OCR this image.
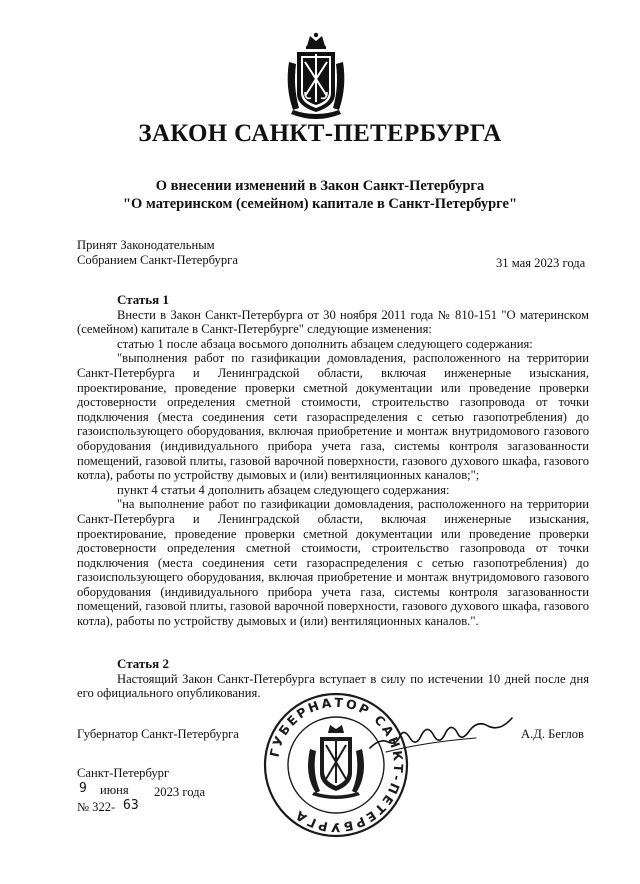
ЗАКОН САНКТ-ПЕТЕРБУРГА
О внесении изменений в Закон Санкт-Петербурга
"О материнском (семейном) капитале в Санкт-Петербурге"
Принят Законодательным
Собранием Санкт-Петербурга	31 мая 2023 года

Статья 1

Внести в Закон Санкт-Петербурга от 30 ноября 2011 года № 810-151 "О материнском (семейном) капитале в Санкт-Петербурге" следующие изменения:

статью 1 после абзаца восьмого дополнить абзацем следующего содержания:

"выполнения работ по газификации домовладения, расположенного на территории Санкт-Петербурга и Ленинградской области, включая инженерные изыскания, проектирование, проведение проверки сметной документации или проведение проверки достоверности определения сметной стоимости, строительство газопровода от точки подключения (места соединения сети газораспределения с сетью газопотребления) до газоиспользующего оборудования, включая приобретение и монтаж внутридомового газового оборудования (индивидуального прибора учета газа, системы контроля загазованности помещений, газовой плиты, газовой варочной поверхности, газового духового шкафа, газового котла), работы по устройству дымовых и (или) вентиляционных каналов;";

пункт 4 статьи 4 дополнить абзацем следующего содержания:

"на выполнение работ по газификации домовладения, расположенного на территории Санкт-Петербурга и Ленинградской области, включая инженерные изыскания, проектирование, проведение проверки сметной документации или проведение проверки достоверности определения сметной стоимости, строительство газопровода от точки подключения (места соединения сети газораспределения с сетью газопотребления) до газоиспользующего оборудования, включая приобретение и монтаж внутридомового газового оборудования (индивидуального прибора учета газа, системы контроля загазованности помещений, газовой плиты, газовой варочной поверхности, газового духового шкафа, газового котла), работы по устройству дымовых и (или) вентиляционных каналов.".

Статья 2

Настоящий Закон Санкт-Петербурга вступает в силу по истечении 10 дней после дня его официального опубликования.

Губернатор Санкт-Петербурга	А.Д. Беглов
ГУБЕРНАТОР САНКТ-ПЕТЕРБУРГА
Санкт-Петербург
9 июня 2023 года
№ 322- 63
